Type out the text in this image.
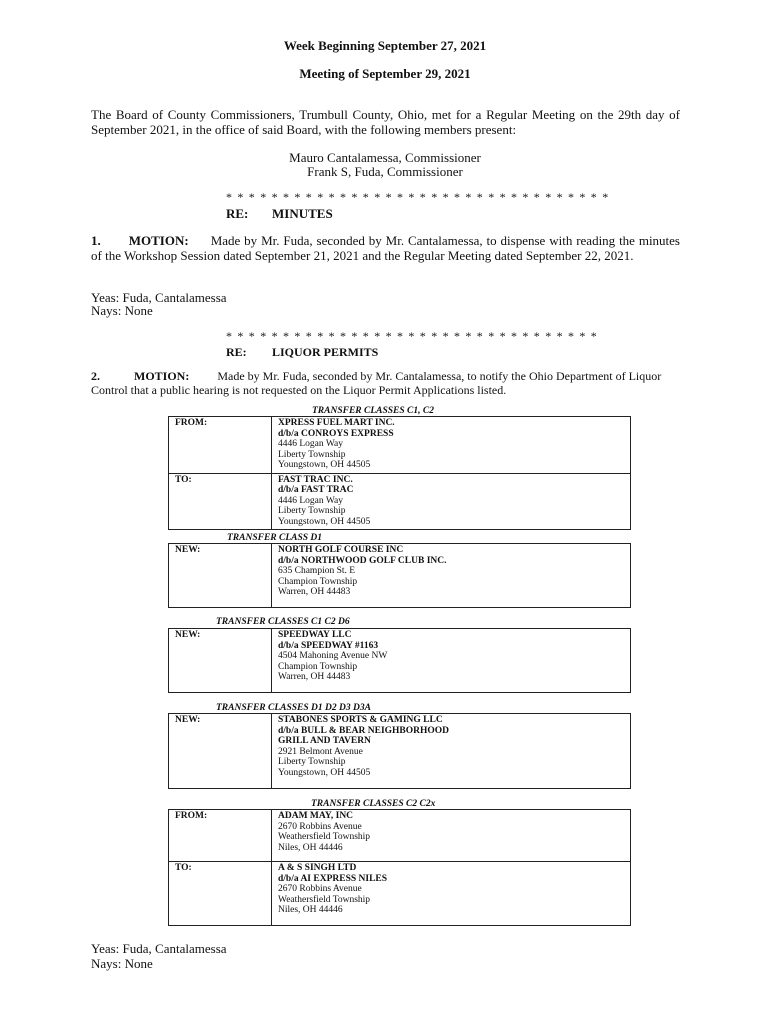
Week Beginning September 27, 2021
Meeting of September 29, 2021
The Board of County Commissioners, Trumbull County, Ohio, met for a Regular Meeting on the 29th day of September 2021, in the office of said Board, with the following members present:
Mauro Cantalamessa, Commissioner
Frank S, Fuda, Commissioner
* * * * * * * * * * * * * * * * * * * * * * * * * * * * * * * * * *
RE: MINUTES
1. MOTION: Made by Mr. Fuda, seconded by Mr. Cantalamessa, to dispense with reading the minutes of the Workshop Session dated September 21, 2021 and the Regular Meeting dated September 22, 2021.
Yeas: Fuda, Cantalamessa
Nays: None
* * * * * * * * * * * * * * * * * * * * * * * * * * * * * * * * *
RE: LIQUOR PERMITS
2.	MOTION: Made by Mr. Fuda, seconded by Mr. Cantalamessa, to notify the Ohio Department of Liquor Control that a public hearing is not requested on the Liquor Permit Applications listed.
TRANSFER CLASSES C1, C2
FROM:	XPRESS FUEL MART INC.
d/b/a CONROYS EXPRESS
4446 Logan Way
Liberty Township
Youngstown, OH 44505

TO:	FAST TRAC INC.
d/b/a FAST TRAC
4446 Logan Way
Liberty Township
Youngstown, OH 44505
TRANSFER CLASS D1
NEW:	NORTH GOLF COURSE INC
d/b/a NORTHWOOD GOLF CLUB INC.
635 Champion St. E
Champion Township
Warren, OH 44483
TRANSFER CLASSES C1 C2 D6
NEW:	SPEEDWAY LLC
d/b/a SPEEDWAY #1163
4504 Mahoning Avenue NW
Champion Township
Warren, OH 44483
TRANSFER CLASSES D1 D2 D3 D3A
NEW:	STABONES SPORTS & GAMING LLC
d/b/a BULL & BEAR NEIGHBORHOOD
GRILL AND TAVERN
2921 Belmont Avenue
Liberty Township
Youngstown, OH 44505
TRANSFER CLASSES C2 C2x
FROM:	ADAM MAY, INC
2670 Robbins Avenue
Weathersfield Township
Niles, OH 44446

TO:	A & S SINGH LTD
d/b/a AI EXPRESS NILES
2670 Robbins Avenue
Weathersfield Township
Niles, OH 44446
Yeas: Fuda, Cantalamessa
Nays: None
